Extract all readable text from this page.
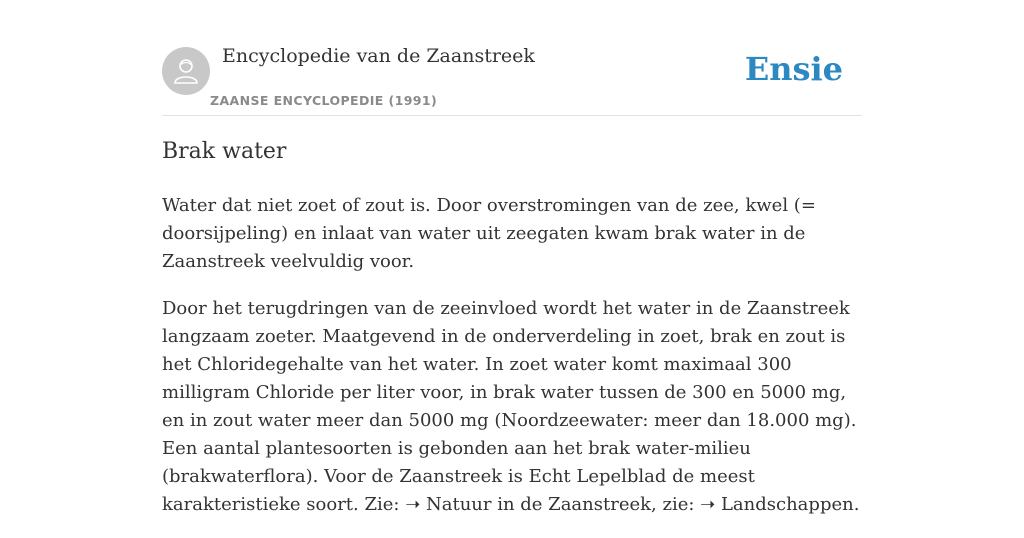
Encyclopedie van de Zaanstreek
ZAANSE ENCYCLOPEDIE (1991)
Ensie
Brak water

Water dat niet zoet of zout is. Door overstromingen van de zee, kwel (= doorsijpeling) en inlaat van water uit zeegaten kwam brak water in de Zaanstreek veelvuldig voor.

Door het terugdringen van de zeeinvloed wordt het water in de Zaanstreek langzaam zoeter. Maatgevend in de onderverdeling in zoet, brak en zout is het Chloridegehalte van het water. In zoet water komt maximaal 300 milligram Chloride per liter voor, in brak water tussen de 300 en 5000 mg, en in zout water meer dan 5000 mg (Noordzeewater: meer dan 18.000 mg). Een aantal plantesoorten is gebonden aan het brak water-milieu (brakwaterflora). Voor de Zaanstreek is Echt Lepelblad de meest karakteristieke soort. Zie: ➝ Natuur in de Zaanstreek, zie: ➝ Landschappen.
